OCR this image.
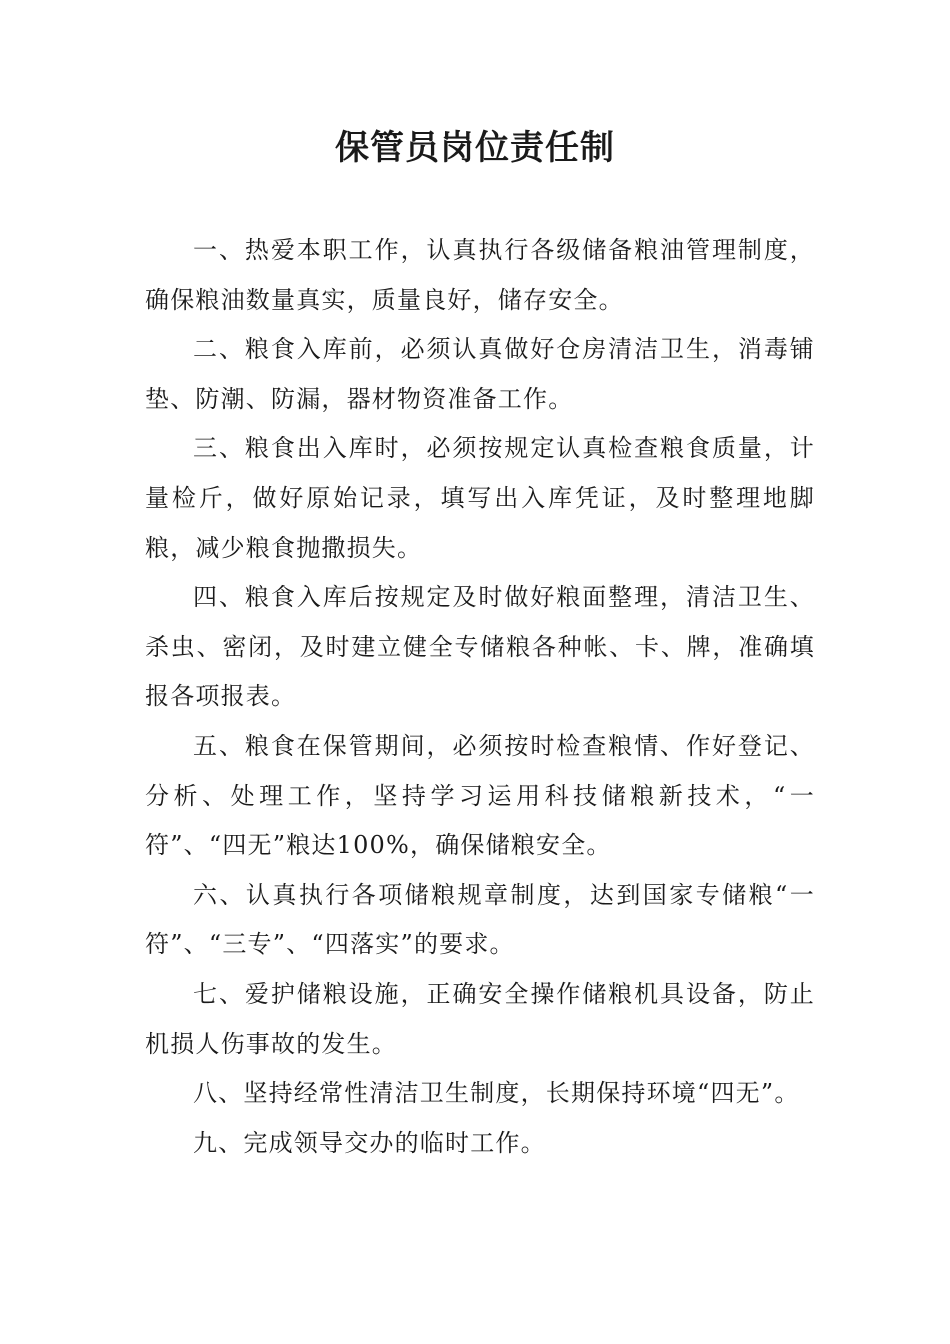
保管员岗位责任制

一、热爱本职工作，认真执行各级储备粮油管理制度，确保粮油数量真实，质量良好，储存安全。

二、粮食入库前，必须认真做好仓房清洁卫生，消毒铺垫、防潮、防漏，器材物资准备工作。

三、粮食出入库时，必须按规定认真检查粮食质量，计量检斤，做好原始记录，填写出入库凭证，及时整理地脚粮，减少粮食抛撒损失。

四、粮食入库后按规定及时做好粮面整理，清洁卫生、杀虫、密闭，及时建立健全专储粮各种帐、卡、牌，准确填报各项报表。

五、粮食在保管期间，必须按时检查粮情、作好登记、分析、处理工作，坚持学习运用科技储粮新技术，“一符”、“四无”粮达100%，确保储粮安全。

六、认真执行各项储粮规章制度，达到国家专储粮“一符”、“三专”、“四落实”的要求。

七、爱护储粮设施，正确安全操作储粮机具设备，防止机损人伤事故的发生。

八、坚持经常性清洁卫生制度，长期保持环境“四无”。

九、完成领导交办的临时工作。
